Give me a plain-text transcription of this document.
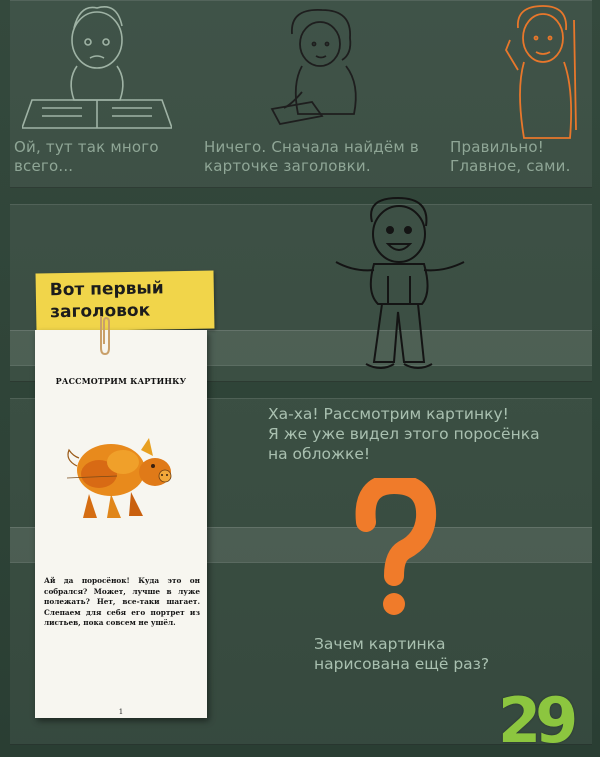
Ой, тут так много всего...
Ничего. Сначала найдём в карточке заголовки.
Правильно! Главное, сами.
Вот первый
заголовок
РАССМОТРИМ КАРТИНКУ
Ай да поросёнок! Куда это он собрался? Может, лучше в луже полежать? Нет, все-таки шагает. Слепаем для себя его портрет из листьев, пока совсем не ушёл.
1
Ха-ха! Рассмотрим картинку!
Я же уже видел этого поросёнка
на обложке!
Зачем картинка
нарисована ещё раз?
29
